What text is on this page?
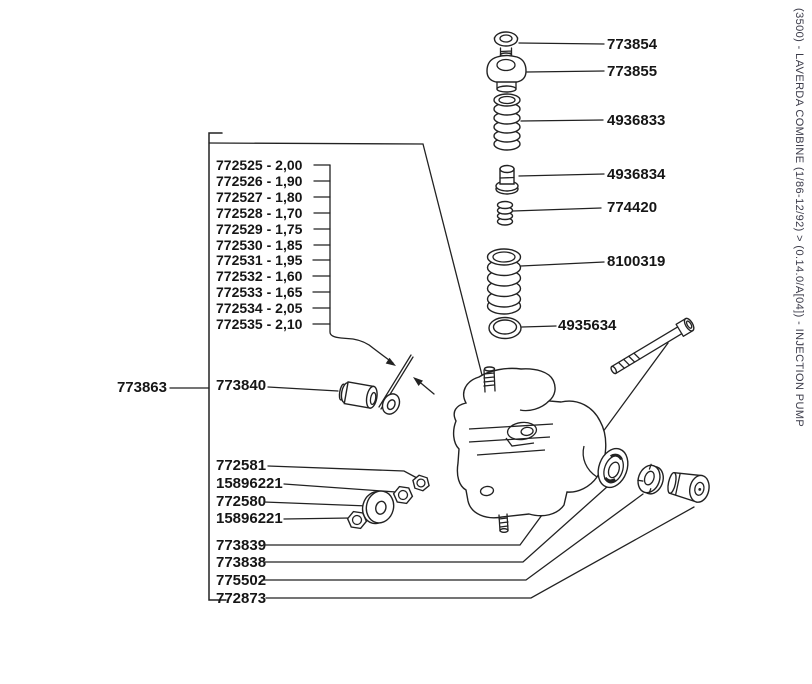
(3500) - LAVERDA COMBINE (1/86-12/92) > (0.14.0/A[04]) - INJECTION PUMP
772525 - 2,00
772526 - 1,90
772527 - 1,80
772528 - 1,70
772529 - 1,75
772530 - 1,85
772531 - 1,95
772532 - 1,60
772533 - 1,65
772534 - 2,05
772535 - 2,10
773863	773840
772581
15896221
772580
15896221
773839
773838
775502
772873
773854
773855
4936833
4936834
774420
8100319
4935634
